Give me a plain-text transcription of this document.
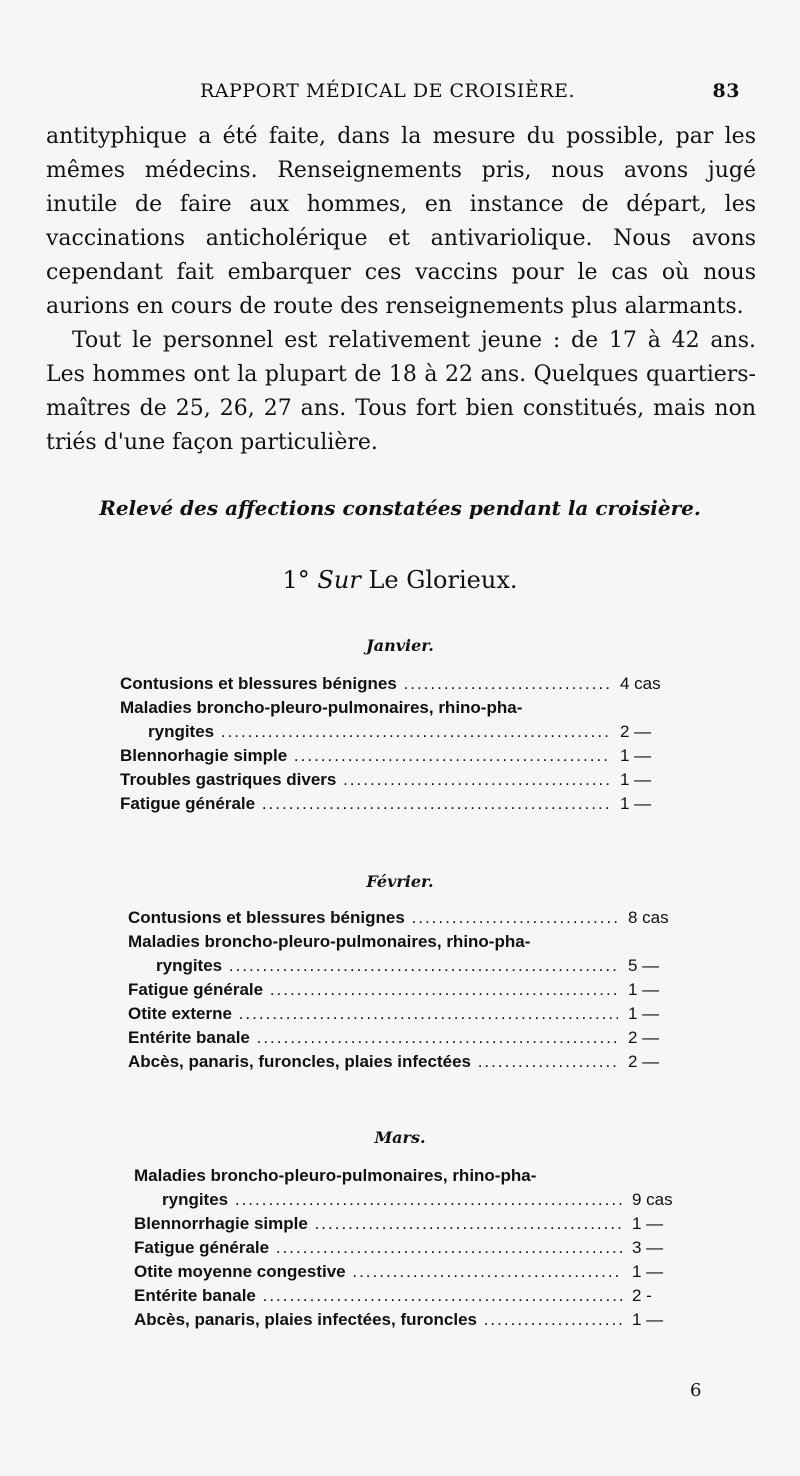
RAPPORT MÉDICAL DE CROISIÈRE.	83

antityphique a été faite, dans la mesure du possible, par les mêmes médecins. Renseignements pris, nous avons jugé inutile de faire aux hommes, en instance de départ, les vaccinations anticholérique et antivariolique. Nous avons cependant fait embarquer ces vaccins pour le cas où nous aurions en cours de route des renseignements plus alarmants.

Tout le personnel est relativement jeune : de 17 à 42 ans. Les hommes ont la plupart de 18 à 22 ans. Quelques quartiers-maîtres de 25, 26, 27 ans. Tous fort bien constitués, mais non triés d'une façon particulière.

Relevé des affections constatées pendant la croisière.
1° Sur Le Glorieux.
Janvier.
Contusions et blessures bénignes .....	4 cas
Maladies broncho-pleuro-pulmonaires, rhino-pha-
ryngites .....	2 —
Blennorhagie simple .....	1 —
Troubles gastriques divers .....	1 —
Fatigue générale .....	1 —
Février.
Contusions et blessures bénignes .....	8 cas
Maladies broncho-pleuro-pulmonaires, rhino-pha-
ryngites .....	5 —
Fatigue générale .....	1 —
Otite externe .....	1 —
Entérite banale .....	2 —
Abcès, panaris, furoncles, plaies infectées .....	2 —
Mars.
Maladies broncho-pleuro-pulmonaires, rhino-pha-
ryngites .....	9 cas
Blennorrhagie simple .....	1 —
Fatigue générale .....	3 —
Otite moyenne congestive .....	1 —
Entérite banale .....	2 -
Abcès, panaris, plaies infectées, furoncles .....	1 —
6
